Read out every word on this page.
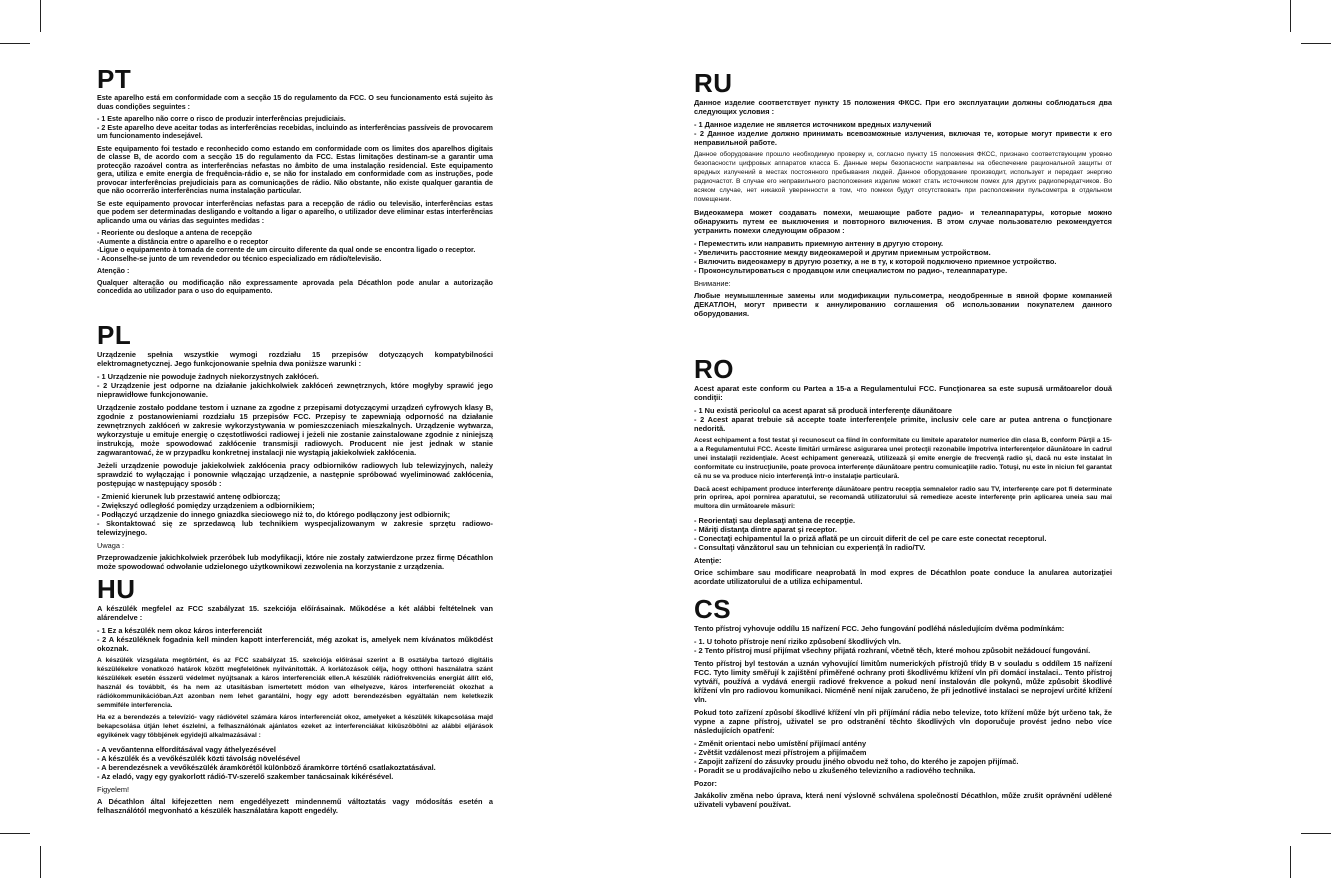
PT

Este aparelho está em conformidade com a secção 15 do regulamento da FCC. O seu funcionamento está sujeito às duas condições seguintes :

- 1 Este aparelho não corre o risco de produzir interferências prejudiciais.
- 2 Este aparelho deve aceitar todas as interferências recebidas, incluindo as interferências passíveis de provocarem um funcionamento indesejável.

Este equipamento foi testado e reconhecido como estando em conformidade com os limites dos aparelhos digitais de classe B, de acordo com a secção 15 do regulamento da FCC. Estas limitações destinam-se a garantir uma protecção razoável contra as interferências nefastas no âmbito de uma instalação residencial. Este equipamento gera, utiliza e emite energia de frequência-rádio e, se não for instalado em conformidade com as instruções, pode provocar interferências prejudiciais para as comunicações de rádio. Não obstante, não existe qualquer garantia de que não ocorrerão interferências numa instalação particular.

Se este equipamento provocar interferências nefastas para a recepção de rádio ou televisão, interferências estas que podem ser determinadas desligando e voltando a ligar o aparelho, o utilizador deve eliminar estas interferências aplicando uma ou várias das seguintes medidas :

- Reoriente ou desloque a antena de recepção
-Aumente a distância entre o aparelho e o receptor
-Ligue o equipamento à tomada de corrente de um circuito diferente da qual onde se encontra ligado o receptor.
- Aconselhe-se junto de um revendedor ou técnico especializado em rádio/televisão.

Atenção :

Qualquer alteração ou modificação não expressamente aprovada pela Décathlon pode anular a autorização concedida ao utilizador para o uso do equipamento.

PL

Urządzenie spełnia wszystkie wymogi rozdziału 15 przepisów dotyczących kompatybilności elektromagnetycznej. Jego funkcjonowanie spełnia dwa poniższe warunki :

- 1 Urządzenie nie powoduje żadnych niekorzystnych zakłóceń.
- 2 Urządzenie jest odporne na działanie jakichkolwiek zakłóceń zewnętrznych, które mogłyby sprawić jego nieprawidłowe funkcjonowanie.

Urządzenie zostało poddane testom i uznane za zgodne z przepisami dotyczącymi urządzeń cyfrowych klasy B, zgodnie z postanowieniami rozdziału 15 przepisów FCC. Przepisy te zapewniają odporność na działanie zewnętrznych zakłóceń w zakresie wykorzystywania w pomieszczeniach mieszkalnych. Urządzenie wytwarza, wykorzystuje u emituje energię o częstotliwości radiowej i jeżeli nie zostanie zainstalowane zgodnie z niniejszą instrukcją, może spowodować zakłócenie transmisji radiowych. Producent nie jest jednak w stanie zagwarantować, że w przypadku konkretnej instalacji nie wystąpią jakiekolwiek zakłócenia.

Jeżeli urządzenie powoduje jakiekolwiek zakłócenia pracy odbiorników radiowych lub telewizyjnych, należy sprawdzić to wyłączając i ponownie włączając urządzenie, a następnie spróbować wyeliminować zakłócenia, postępując w następujący sposób :

- Zmienić kierunek lub przestawić antenę odbiorczą;
- Zwiększyć odległość pomiędzy urządzeniem a odbiornikiem;
- Podłączyć urządzenie do innego gniazdka sieciowego niż to, do którego podłączony jest odbiornik;
- Skontaktować się ze sprzedawcą lub technikiem wyspecjalizowanym w zakresie sprzętu radiowo-telewizyjnego.

Uwaga :

Przeprowadzenie jakichkolwiek przeróbek lub modyfikacji, które nie zostały zatwierdzone przez firmę Décathlon może spowodować odwołanie udzielonego użytkownikowi zezwolenia na korzystanie z urządzenia.

HU

A készülék megfelel az FCC szabályzat 15. szekciója előírásainak. Működése a két alábbi feltételnek van alárendelve :

- 1 Ez a készülék nem okoz káros interferenciát
- 2 A készüléknek fogadnia kell minden kapott interferenciát, még azokat is, amelyek nem kívánatos működést okoznak.

A készülék vizsgálata megtörtént, és az FCC szabályzat 15. szekciója előírásai szerint a B osztályba tartozó digitális készülékekre vonatkozó határok között megfelelőnek nyilvánították. A korlátozások célja, hogy otthoni használatra szánt készülékek esetén ésszerű védelmet nyújtsanak a káros interferenciák ellen.A készülék rádiófrekvenciás energiát állít elő, használ és továbbít, és ha nem az utasításban ismertetett módon van elhelyezve, káros interferenciát okozhat a rádiókommunikációban.Azt azonban nem lehet garantálni, hogy egy adott berendezésben egyáltalán nem keletkezik semmiféle interferencia.

Ha ez a berendezés a televízió- vagy rádióvétel számára káros interferenciát okoz, amelyeket a készülék kikapcsolása majd bekapcsolása útján lehet észlelni, a felhasználónak ajánlatos ezeket az interferenciákat kiküszöbölni az alábbi eljárások egyikének vagy többjének egyidejű alkalmazásával :

- A vevőantenna elfordításával vagy áthelyezésével
- A készülék és a vevőkészülék közti távolság növelésével
- A berendezésnek a vevőkészülék áramkörétől különböző áramkörre történő csatlakoztatásával.
- Az eladó, vagy egy gyakorlott rádió-TV-szerelő szakember tanácsainak kikérésével.

Figyelem!

A Décathlon által kifejezetten nem engedélyezett mindennemű változtatás vagy módosítás esetén a felhasználótól megvonható a készülék használatára kapott engedély.

RU

Данное изделие соответствует пункту 15 положения ФКСС. При его эксплуатации должны соблюдаться два следующих условия :

- 1 Данное изделие не является источником вредных излучений
- 2 Данное изделие должно принимать всевозможные излучения, включая те, которые могут привести к его неправильной работе.

Данное оборудование прошло необходимую проверку и, согласно пункту 15 положения ФКСС, признано соответствующим уровню безопасности цифровых аппаратов класса Б. Данные меры безопасности направлены на обеспечение рациональной защиты от вредных излучений в местах постоянного пребывания людей. Данное оборудование производит, использует и передает энергию радиочастот. В случае его неправильного расположения изделие может стать источником помех для других радиопередатчиков. Во всяком случае, нет никакой уверенности в том, что помехи будут отсутствовать при расположении пульсометра в отдельном помещении.

Видеокамера может создавать помехи, мешающие работе радио- и телеаппаратуры, которые можно обнаружить путем ее выключения и повторного включения. В этом случае пользователю рекомендуется устранить помехи следующим образом :

- Переместить или направить приемную антенну в другую сторону.
- Увеличить расстояние между видеокамерой и другим приемным устройством.
- Включить видеокамеру в другую розетку, а не в ту, к которой подключено приемное устройство.
- Проконсультироваться с продавцом или специалистом по радио-, телеаппаратуре.

Внимание:

Любые неумышленные замены или модификации пульсометра, неодобренные в явной форме компанией ДЕКАТЛОН, могут привести к аннулированию соглашения об использовании покупателем данного оборудования.

RO

Acest aparat este conform cu Partea a 15-a a Regulamentului FCC. Funcţionarea sa este supusă următoarelor două condiţii:

- 1 Nu există pericolul ca acest aparat să producă interferenţe dăunătoare
- 2 Acest aparat trebuie să accepte toate interferenţele primite, inclusiv cele care ar putea antrena o funcţionare nedorită.

Acest echipament a fost testat şi recunoscut ca fiind în conformitate cu limitele aparatelor numerice din clasa B, conform Părţii a 15-a a Regulamentului FCC. Aceste limitări urmăresc asigurarea unei protecţii rezonabile împotriva interferenţelor dăunătoare în cadrul unei instalaţii rezidenţiale. Acest echipament generează, utilizează şi emite energie de frecvenţă radio şi, dacă nu este instalat în conformitate cu instrucţiunile, poate provoca interferenţe dăunătoare pentru comunicaţiile radio. Totuşi, nu este în niciun fel garantat că nu se va produce nicio interferenţă într-o instalaţie particulară.

Dacă acest echipament produce interferenţe dăunătoare pentru recepţia semnalelor radio sau TV, interferenţe care pot fi determinate prin oprirea, apoi pornirea aparatului, se recomandă utilizatorului să remedieze aceste interferenţe prin aplicarea uneia sau mai multora din următoarele măsuri:

- Reorientaţi sau deplasaţi antena de recepţie.
- Măriţi distanţa dintre aparat şi receptor.
- Conectaţi echipamentul la o priză aflată pe un circuit diferit de cel pe care este conectat receptorul.
- Consultaţi vânzătorul sau un tehnician cu experienţă în radio/TV.

Atenţie:

Orice schimbare sau modificare neaprobată în mod expres de Décathlon poate conduce la anularea autorizaţiei acordate utilizatorului de a utiliza echipamentul.

CS

Tento přístroj vyhovuje oddílu 15 nařízení FCC. Jeho fungování podléhá následujícím dvěma podmínkám:

- 1. U tohoto přístroje není riziko způsobení škodlivých vln.
- 2 Tento přístroj musí přijímat všechny přijatá rozhraní, včetně těch, které mohou způsobit nežádoucí fungování.

Tento přístroj byl testován a uznán vyhovující limitům numerických přístrojů třídy B v souladu s oddílem 15 nařízení FCC. Tyto limity směřují k zajištění přiměřené ochrany proti škodlivému křížení vln při domácí instalaci.. Tento přístroj vytváří, používá a vydává energii radiové frekvence a pokud není instalován dle pokynů, může způsobit škodlivé křížení vln pro radiovou komunikaci. Nicméně není nijak zaručeno, že při jednotlivé instalaci se neprojeví určité křížení vln.

Pokud toto zařízení způsobí škodlivé křížení vln při příjímání rádia nebo televize, toto křížení může být určeno tak, že vypne a zapne přístroj, uživatel se pro odstranění těchto škodlivých vln doporučuje provést jedno nebo více následujících opatření:

- Změnit orientaci nebo umístění přijímací antény
- Zvětšit vzdálenost mezi přístrojem a přijímačem
- Zapojit zařízení do zásuvky proudu jiného obvodu než toho, do kterého je zapojen přijímač.
- Poradit se u prodávajícího nebo u zkušeného televizního a radiového technika.

Pozor:

Jakákoliv změna nebo úprava, která není výslovně schválena společností Décathlon, může zrušit oprávnění udělené uživateli vybavení používat.
